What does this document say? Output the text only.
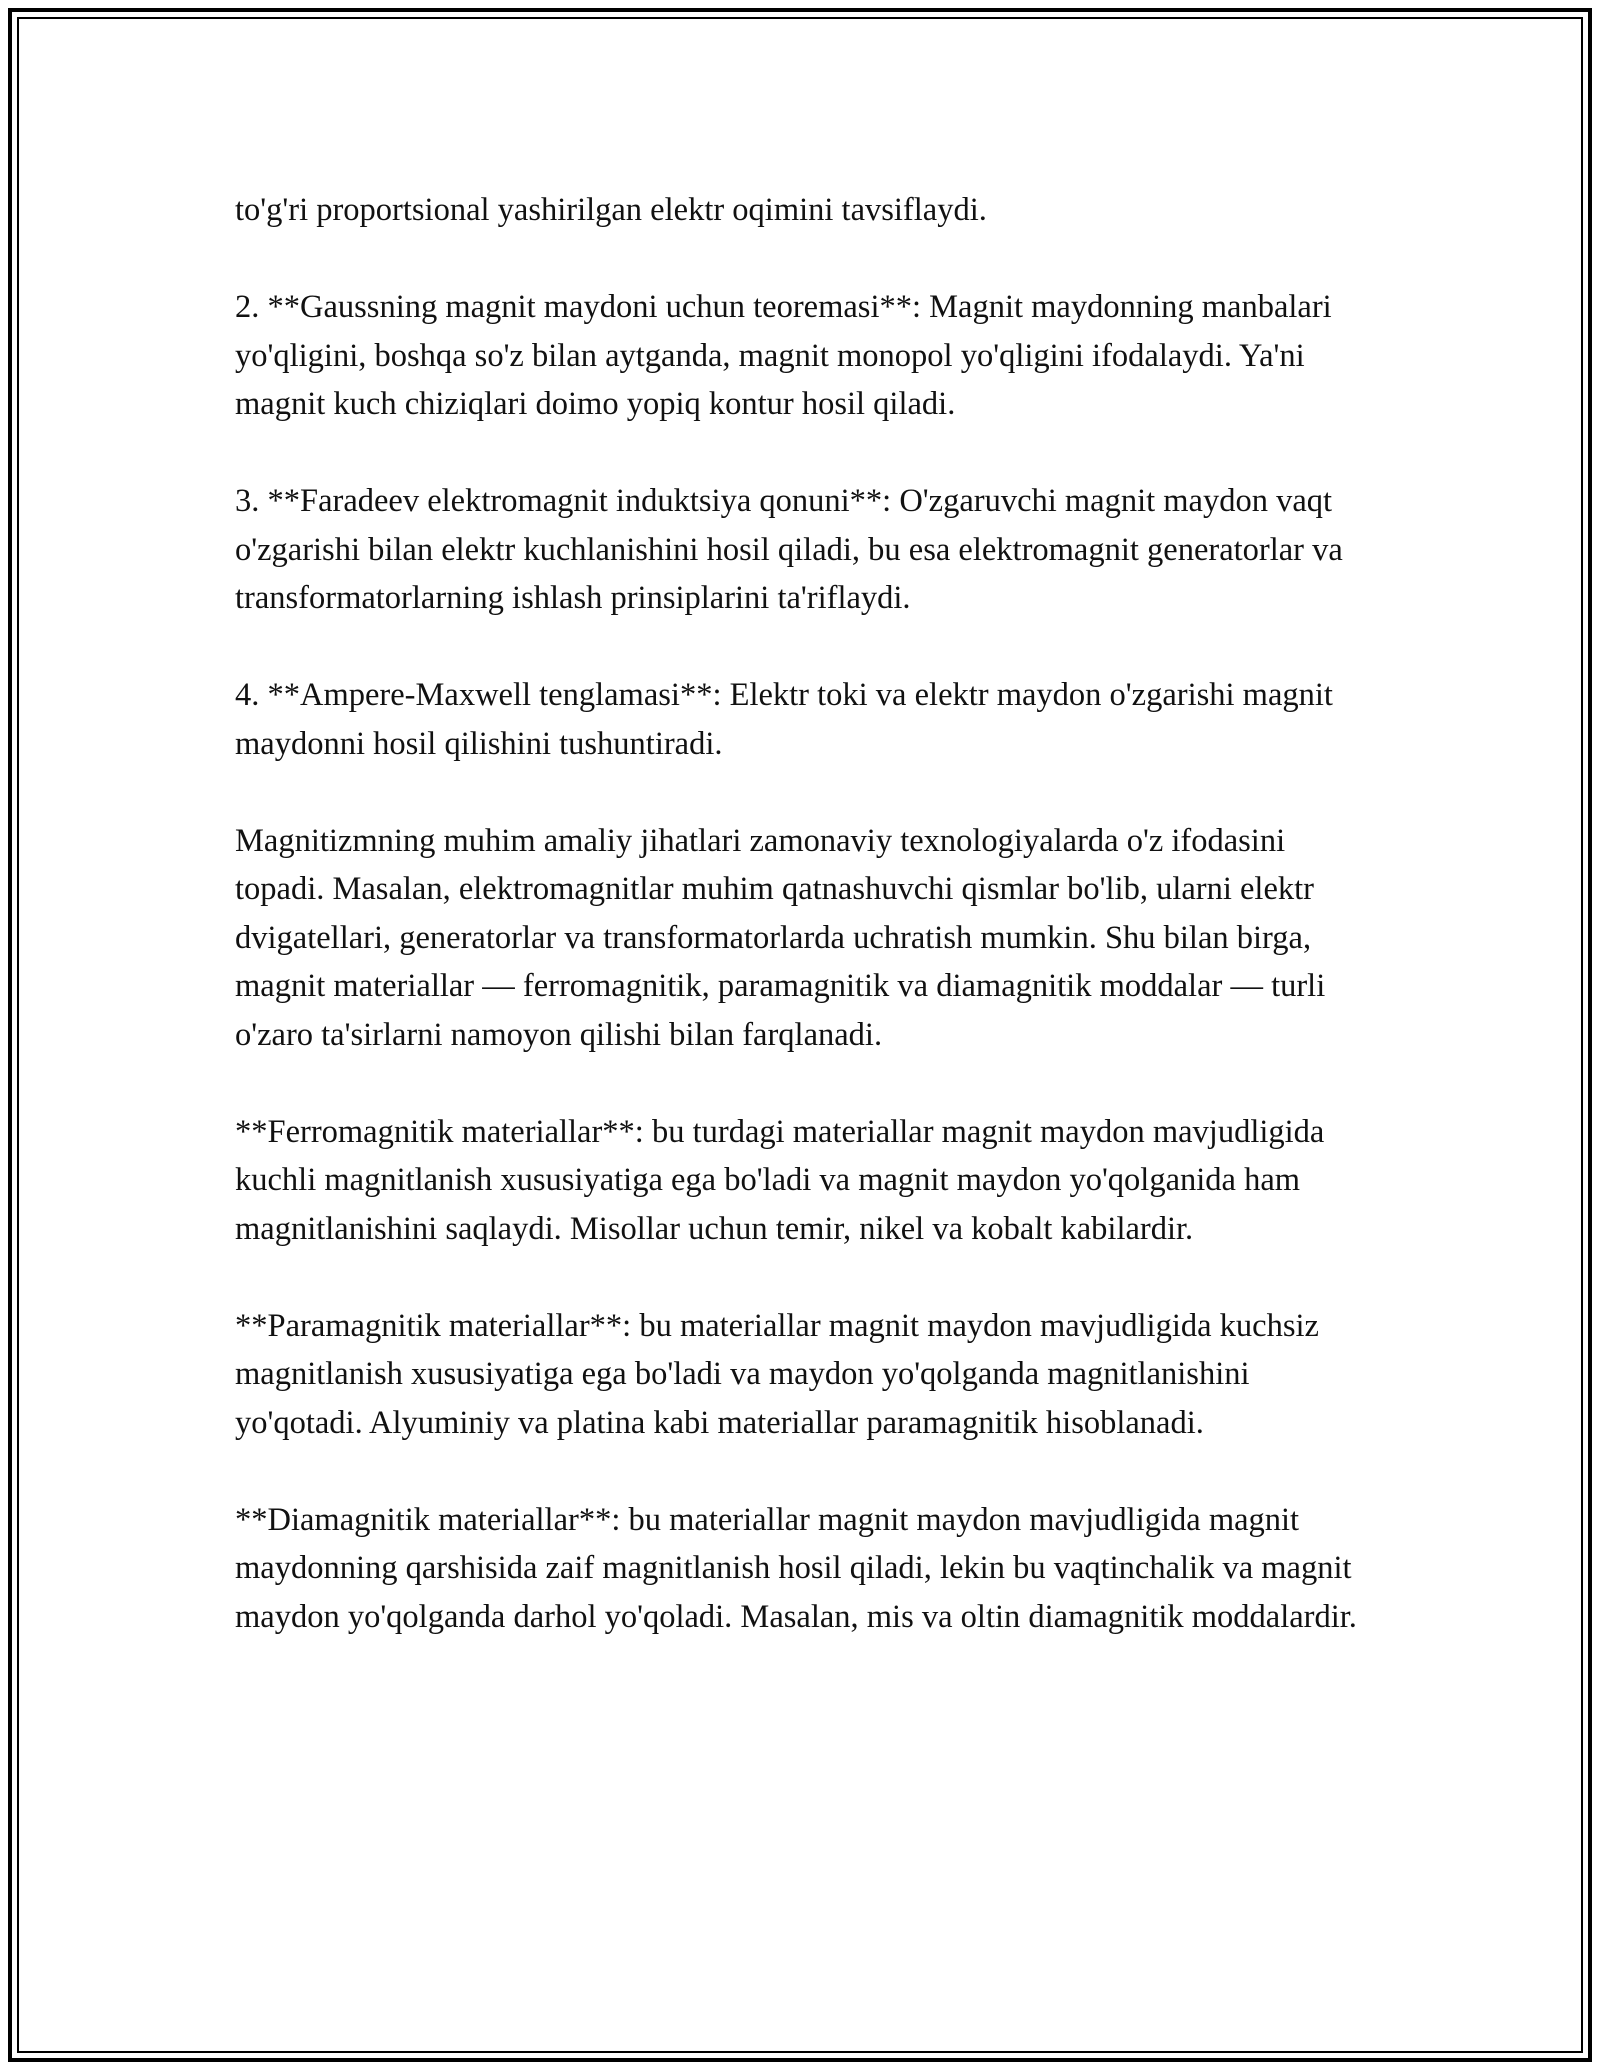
to'g'ri proportsional yashirilgan elektr oqimini tavsiflaydi.

2. **Gaussning magnit maydoni uchun teoremasi**: Magnit maydonning manbalari yo'qligini, boshqa so'z bilan aytganda, magnit monopol yo'qligini ifodalaydi. Ya'ni magnit kuch chiziqlari doimo yopiq kontur hosil qiladi.

3. **Faradeev elektromagnit induktsiya qonuni**: O'zgaruvchi magnit maydon vaqt o'zgarishi bilan elektr kuchlanishini hosil qiladi, bu esa elektromagnit generatorlar va transformatorlarning ishlash prinsiplarini ta'riflaydi.

4. **Ampere-Maxwell tenglamasi**: Elektr toki va elektr maydon o'zgarishi magnit maydonni hosil qilishini tushuntiradi.

Magnitizmning muhim amaliy jihatlari zamonaviy texnologiyalarda o'z ifodasini topadi. Masalan, elektromagnitlar muhim qatnashuvchi qismlar bo'lib, ularni elektr dvigatellari, generatorlar va transformatorlarda uchratish mumkin. Shu bilan birga, magnit materiallar — ferromagnitik, paramagnitik va diamagnitik moddalar — turli o'zaro ta'sirlarni namoyon qilishi bilan farqlanadi.

**Ferromagnitik materiallar**: bu turdagi materiallar magnit maydon mavjudligida kuchli magnitlanish xususiyatiga ega bo'ladi va magnit maydon yo'qolganida ham magnitlanishini saqlaydi. Misollar uchun temir, nikel va kobalt kabilardir.

**Paramagnitik materiallar**: bu materiallar magnit maydon mavjudligida kuchsiz magnitlanish xususiyatiga ega bo'ladi va maydon yo'qolganda magnitlanishini yo'qotadi. Alyuminiy va platina kabi materiallar paramagnitik hisoblanadi.

**Diamagnitik materiallar**: bu materiallar magnit maydon mavjudligida magnit maydonning qarshisida zaif magnitlanish hosil qiladi, lekin bu vaqtinchalik va magnit maydon yo'qolganda darhol yo'qoladi. Masalan, mis va oltin diamagnitik moddalardir.
